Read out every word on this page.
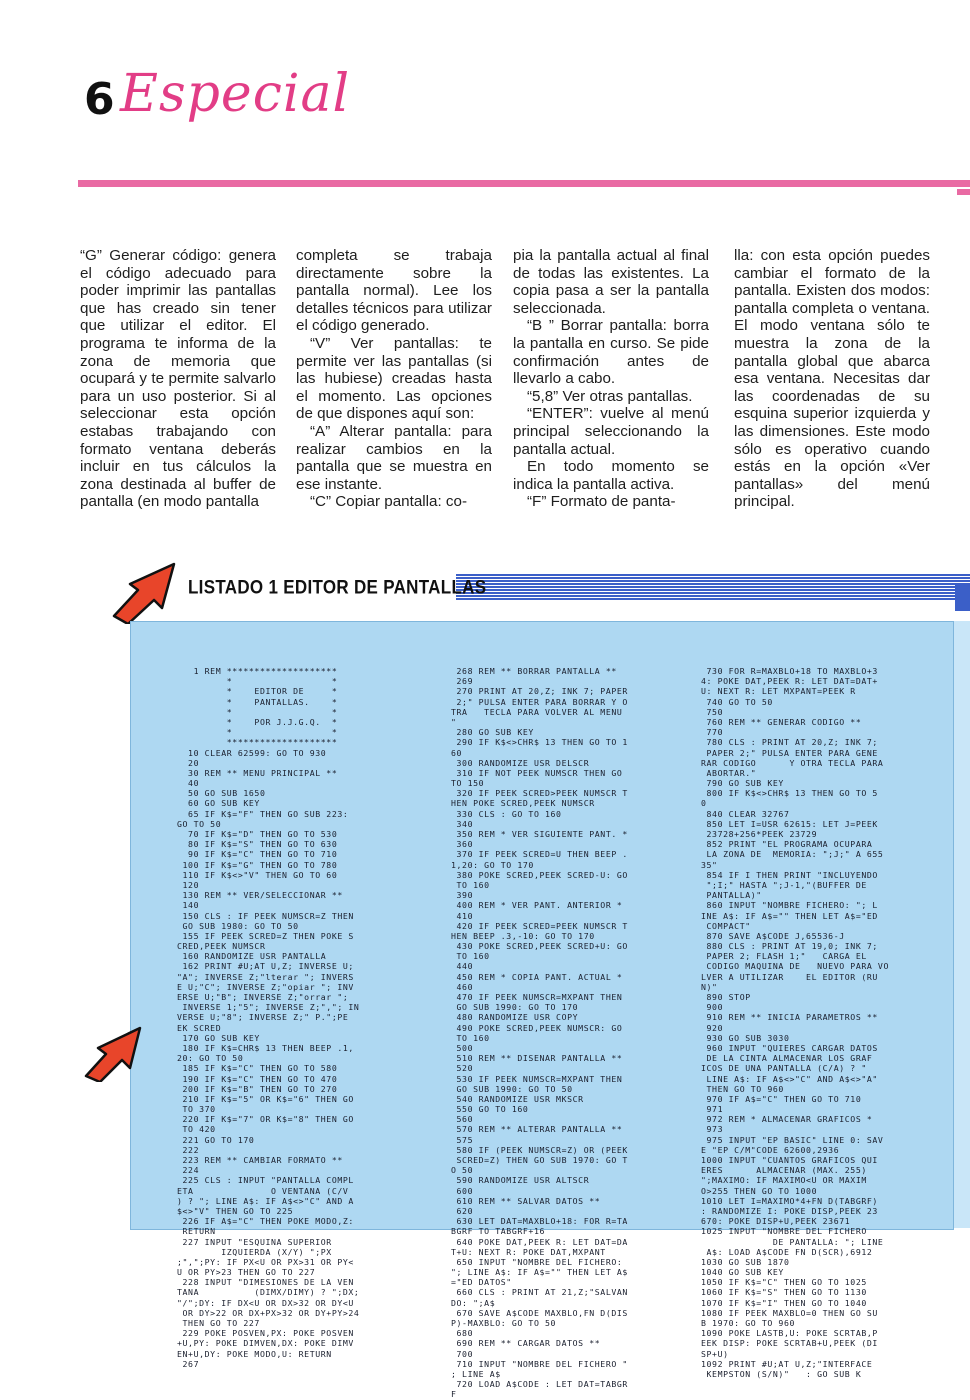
6 Especial

“G” Generar código: genera el código adecuado para poder imprimir las pantallas que has creado sin tener que utilizar el editor. El programa te informa de la zona de memoria que ocupará y te permite salvarlo para un uso posterior. Si al seleccionar esta opción estabas trabajando con formato ventana deberás incluir en tus cálculos la zona destinada al buffer de pantalla (en modo pantalla

completa se trabaja directamente sobre la pantalla normal). Lee los detalles técnicos para utilizar el código generado.

“V” Ver pantallas: te permite ver las pantallas (si las hubiese) creadas hasta el momento. Las opciones de que dispones aquí son:

“A” Alterar pantalla: para realizar cambios en la pantalla que se muestra en ese instante.

“C” Copiar pantalla: co-

pia la pantalla actual al final de todas las existentes. La copia pasa a ser la pantalla seleccionada.

“B ” Borrar pantalla: borra la pantalla en curso. Se pide confirmación antes de llevarlo a cabo.

“5,8” Ver otras pantallas.

“ENTER”: vuelve al menú principal seleccionando la pantalla actual.

En todo momento se indica la pantalla activa.

“F” Formato de panta-

lla: con esta opción puedes cambiar el formato de la pantalla. Existen dos modos: pantalla completa o ventana. El modo ventana sólo te muestra la zona de la pantalla global que abarca esa ventana. Necesitas dar las coordenadas de su esquina superior izquierda y las dimensiones. Este modo sólo es operativo cuando estás en la opción «Ver pantallas» del menú principal.

LISTADO 1 EDITOR DE PANTALLAS
1 REM ********************
*                  *
*    EDITOR DE     *
*    PANTALLAS.    *
*                  *
*    POR J.J.G.Q.  *
*                  *
********************
10 CLEAR 62599: GO TO 930
20
30 REM ** MENU PRINCIPAL **
40
50 GO SUB 1650
60 GO SUB KEY
65 IF K$="F" THEN GO SUB 223:
GO TO 50
70 IF K$="D" THEN GO TO 530
80 IF K$="S" THEN GO TO 630
90 IF K$="C" THEN GO TO 710
100 IF K$="G" THEN GO TO 780
110 IF K$<>"V" THEN GO TO 60
120
130 REM ** VER/SELECCIONAR **
140
150 CLS : IF PEEK NUMSCR=Z THEN
GO SUB 1980: GO TO 50
155 IF PEEK SCRED=Z THEN POKE S
CRED,PEEK NUMSCR
160 RANDOMIZE USR PANTALLA
162 PRINT #U;AT U,Z; INVERSE U;
"A"; INVERSE Z;"lterar "; INVERS
E U;"C"; INVERSE Z;"opiar "; INV
ERSE U;"B"; INVERSE Z;"orrar ";
INVERSE 1;"5"; INVERSE Z;","; IN
VERSE U;"8"; INVERSE Z;" P.";PE
EK SCRED
170 GO SUB KEY
180 IF K$=CHR$ 13 THEN BEEP .1,
20: GO TO 50
185 IF K$="C" THEN GO TO 580
190 IF K$="C" THEN GO TO 470
200 IF K$="B" THEN GO TO 270
210 IF K$="5" OR K$="6" THEN GO
TO 370
220 IF K$="7" OR K$="8" THEN GO
TO 420
221 GO TO 170
222
223 REM ** CAMBIAR FORMATO **
224
225 CLS : INPUT "PANTALLA COMPL
ETA              O VENTANA (C/V
) ? "; LINE A$: IF A$<>"C" AND A
$<>"V" THEN GO TO 225
226 IF A$="C" THEN POKE MODO,Z:
RETURN
227 INPUT "ESQUINA SUPERIOR
IZQUIERDA (X/Y) ";PX
;",";PY: IF PX<U OR PX>31 OR PY<
U OR PY>23 THEN GO TO 227
228 INPUT "DIMESIONES DE LA VEN
TANA          (DIMX/DIMY) ? ";DX;
"/";DY: IF DX<U OR DX>32 OR DY<U
OR DY>22 OR DX+PX>32 OR DY+PY>24
THEN GO TO 227
229 POKE POSVEN,PX: POKE POSVEN
+U,PY: POKE DIMVEN,DX: POKE DIMV
EN+U,DY: POKE MODO,U: RETURN
267
268 REM ** BORRAR PANTALLA **
269
270 PRINT AT 20,Z; INK 7; PAPER
2;" PULSA ENTER PARA BORRAR Y O
TRA   TECLA PARA VOLVER AL MENU
"
280 GO SUB KEY
290 IF K$<>CHR$ 13 THEN GO TO 1
60
300 RANDOMIZE USR DELSCR
310 IF NOT PEEK NUMSCR THEN GO
TO 150
320 IF PEEK SCRED>PEEK NUMSCR T
HEN POKE SCRED,PEEK NUMSCR
330 CLS : GO TO 160
340
350 REM * VER SIGUIENTE PANT. *
360
370 IF PEEK SCRED=U THEN BEEP .
1,20: GO TO 170
380 POKE SCRED,PEEK SCRED-U: GO
TO 160
390
400 REM * VER PANT. ANTERIOR *
410
420 IF PEEK SCRED=PEEK NUMSCR T
HEN BEEP .3,-10: GO TO 170
430 POKE SCRED,PEEK SCRED+U: GO
TO 160
440
450 REM * COPIA PANT. ACTUAL *
460
470 IF PEEK NUMSCR=MXPANT THEN
GO SUB 1990: GO TO 170
480 RANDOMIZE USR COPY
490 POKE SCRED,PEEK NUMSCR: GO
TO 160
500
510 REM ** DISENAR PANTALLA **
520
530 IF PEEK NUMSCR=MXPANT THEN
GO SUB 1990: GO TO 50
540 RANDOMIZE USR MKSCR
550 GO TO 160
560
570 REM ** ALTERAR PANTALLA **
575
580 IF (PEEK NUMSCR=Z) OR (PEEK
SCRED=Z) THEN GO SUB 1970: GO T
O 50
590 RANDOMIZE USR ALTSCR
600
610 REM ** SALVAR DATOS **
620
630 LET DAT=MAXBLO+18: FOR R=TA
BGRF TO TABGRF+16
640 POKE DAT,PEEK R: LET DAT=DA
T+U: NEXT R: POKE DAT,MXPANT
650 INPUT "NOMBRE DEL FICHERO:
"; LINE A$: IF A$="" THEN LET A$
="ED DATOS"
660 CLS : PRINT AT 21,Z;"SALVAN
DO: ";A$
670 SAVE A$CODE MAXBLO,FN D(DIS
P)-MAXBLO: GO TO 50
680
690 REM ** CARGAR DATOS **
700
710 INPUT "NOMBRE DEL FICHERO "
; LINE A$
720 LOAD A$CODE : LET DAT=TABGR
F
730 FOR R=MAXBLO+18 TO MAXBLO+3
4: POKE DAT,PEEK R: LET DAT=DAT+
U: NEXT R: LET MXPANT=PEEK R
740 GO TO 50
750
760 REM ** GENERAR CODIGO **
770
780 CLS : PRINT AT 20,Z; INK 7;
PAPER 2;" PULSA ENTER PARA GENE
RAR CODIGO      Y OTRA TECLA PARA
ABORTAR."
790 GO SUB KEY
800 IF K$<>CHR$ 13 THEN GO TO 5
0
840 CLEAR 32767
850 LET I=USR 62615: LET J=PEEK
23728+256*PEEK 23729
852 PRINT "EL PROGRAMA OCUPARA
LA ZONA DE  MEMORIA: ";J;" A 655
35"
854 IF I THEN PRINT "INCLUYENDO
";I;" HASTA ";J-1,"(BUFFER DE
PANTALLA)"
860 INPUT "NOMBRE FICHERO: "; L
INE A$: IF A$="" THEN LET A$="ED
COMPACT"
870 SAVE A$CODE J,65536-J
880 CLS : PRINT AT 19,0; INK 7;
PAPER 2; FLASH 1;"   CARGA EL
CODIGO MAQUINA DE   NUEVO PARA VO
LVER A UTILIZAR    EL EDITOR (RU
N)"
890 STOP
900
910 REM ** INICIA PARAMETROS **
920
930 GO SUB 3030
960 INPUT "QUIERES CARGAR DATOS
DE LA CINTA ALMACENAR LOS GRAF
ICOS DE UNA PANTALLA (C/A) ? "
LINE A$: IF A$<>"C" AND A$<>"A"
THEN GO TO 960
970 IF A$="C" THEN GO TO 710
971
972 REM * ALMACENAR GRAFICOS *
973
975 INPUT "EP BASIC" LINE 0: SAV
E "EP C/M"CODE 62600,2936
1000 INPUT "CUANTOS GRAFICOS QUI
ERES      ALMACENAR (MAX. 255)
";MAXIMO: IF MAXIMO<U OR MAXIM
O>255 THEN GO TO 1000
1010 LET I=MAXIMO*4+FN D(TABGRF)
: RANDOMIZE I: POKE DISP,PEEK 23
670: POKE DISP+U,PEEK 23671
1025 INPUT "NOMBRE DEL FICHERO
DE PANTALLA: "; LINE
A$: LOAD A$CODE FN D(SCR),6912
1030 GO SUB 1870
1040 GO SUB KEY
1050 IF K$="C" THEN GO TO 1025
1060 IF K$="S" THEN GO TO 1130
1070 IF K$="I" THEN GO TO 1040
1080 IF PEEK MAXBLO=0 THEN GO SU
B 1970: GO TO 960
1090 POKE LASTB,U: POKE SCRTAB,P
EEK DISP: POKE SCRTAB+U,PEEK (DI
SP+U)
1092 PRINT #U;AT U,Z;"INTERFACE
KEMPSTON (S/N)"   : GO SUB K
